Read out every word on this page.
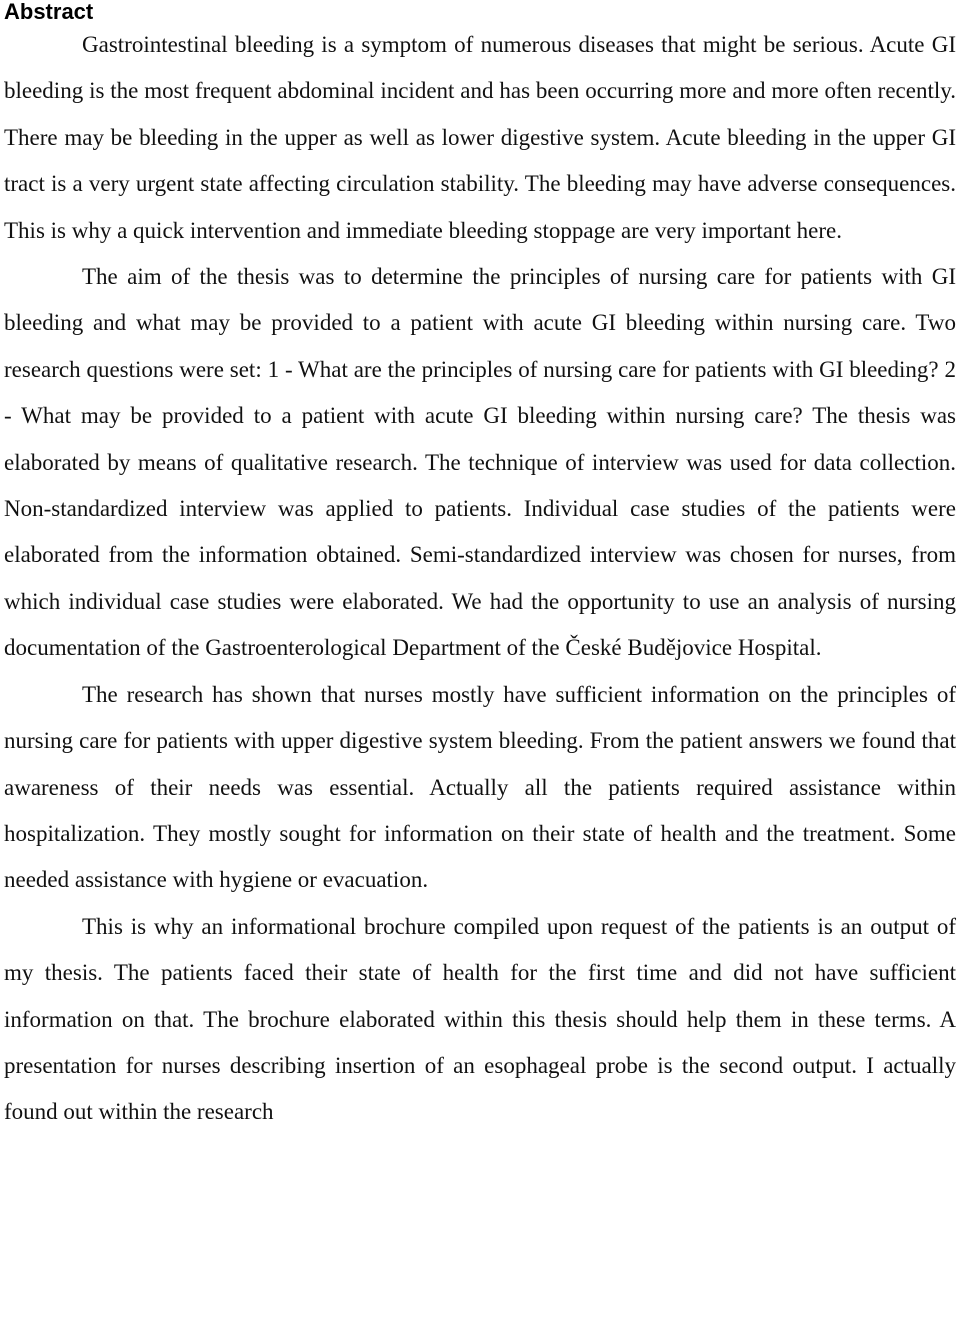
Abstract

Gastrointestinal bleeding is a symptom of numerous diseases that might be serious. Acute GI bleeding is the most frequent abdominal incident and has been occurring more and more often recently. There may be bleeding in the upper as well as lower digestive system. Acute bleeding in the upper GI tract is a very urgent state affecting circulation stability. The bleeding may have adverse consequences. This is why a quick intervention and immediate bleeding stoppage are very important here.

The aim of the thesis was to determine the principles of nursing care for patients with GI bleeding and what may be provided to a patient with acute GI bleeding within nursing care. Two research questions were set: 1 - What are the principles of nursing care for patients with GI bleeding? 2 - What may be provided to a patient with acute GI bleeding within nursing care? The thesis was elaborated by means of qualitative research. The technique of interview was used for data collection. Non-standardized interview was applied to patients. Individual case studies of the patients were elaborated from the information obtained. Semi-standardized interview was chosen for nurses, from which individual case studies were elaborated. We had the opportunity to use an analysis of nursing documentation of the Gastroenterological Department of the České Budějovice Hospital.

The research has shown that nurses mostly have sufficient information on the principles of nursing care for patients with upper digestive system bleeding. From the patient answers we found that awareness of their needs was essential. Actually all the patients required assistance within hospitalization. They mostly sought for information on their state of health and the treatment. Some needed assistance with hygiene or evacuation.

This is why an informational brochure compiled upon request of the patients is an output of my thesis. The patients faced their state of health for the first time and did not have sufficient information on that. The brochure elaborated within this thesis should help them in these terms. A presentation for nurses describing insertion of an esophageal probe is the second output. I actually found out within the research
